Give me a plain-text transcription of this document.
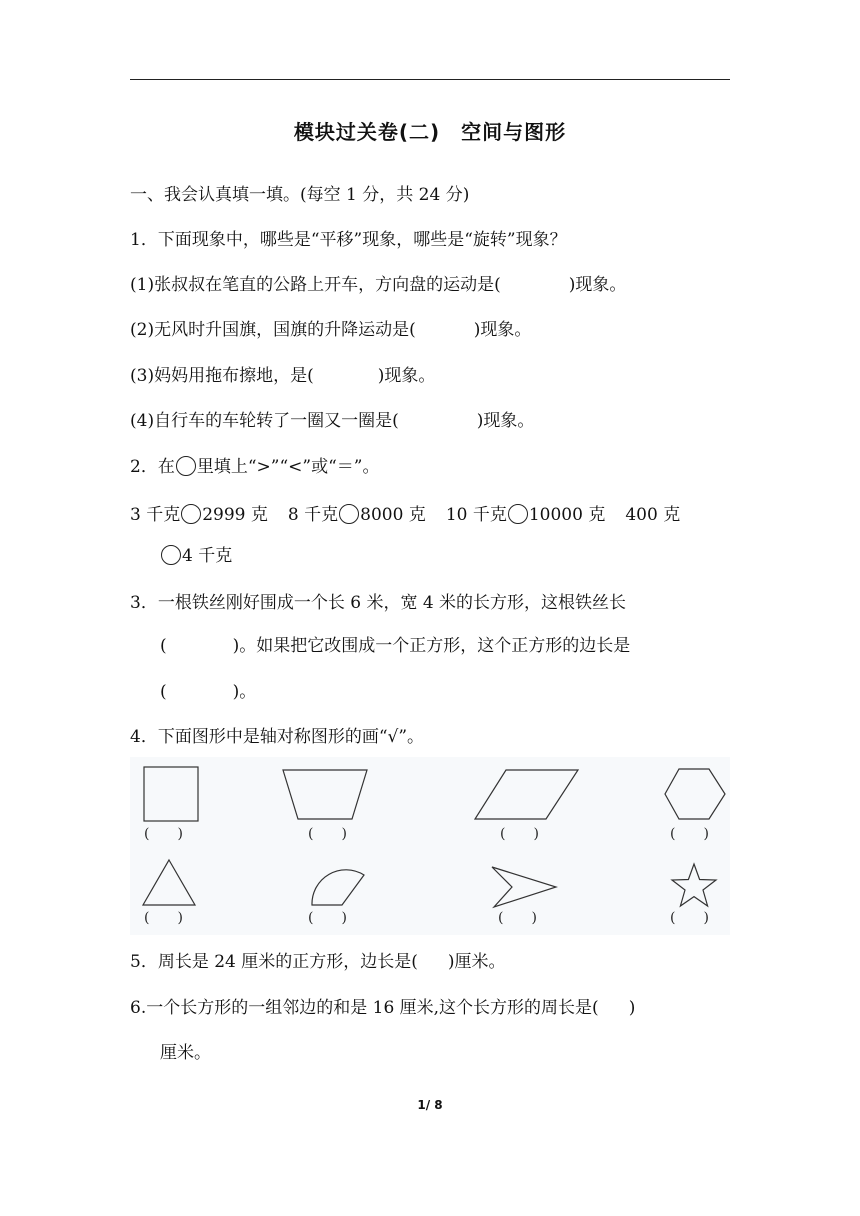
模块过关卷(二)　空间与图形
一、我会认真填一填。(每空 1 分，共 24 分)
1．下面现象中，哪些是“平移”现象，哪些是“旋转”现象？
(1)张叔叔在笔直的公路上开车，方向盘的运动是(	)现象。
(2)无风时升国旗，国旗的升降运动是(	)现象。
(3)妈妈用拖布擦地，是(	)现象。
(4)自行车的车轮转了一圈又一圈是(	)现象。
2．在 里填上“>”“<”或“＝”。
3 千克 2999 克 8 千克 8000 克 10 千克 10000 克 400 克
4 千克
3．一根铁丝刚好围成一个长 6 米，宽 4 米的长方形，这根铁丝长
(	)。如果把它改围成一个正方形，这个正方形的边长是
(	)。
4．下面图形中是轴对称图形的画“√”。
(　　)	(　　)	(　　)	(　　)
(　　)	(　　)	(　　)	(　　)
5．周长是 24 厘米的正方形，边长是( )厘米。
6.一个长方形的一组邻边的和是 16 厘米,这个长方形的周长是( )
厘米。
1/ 8
